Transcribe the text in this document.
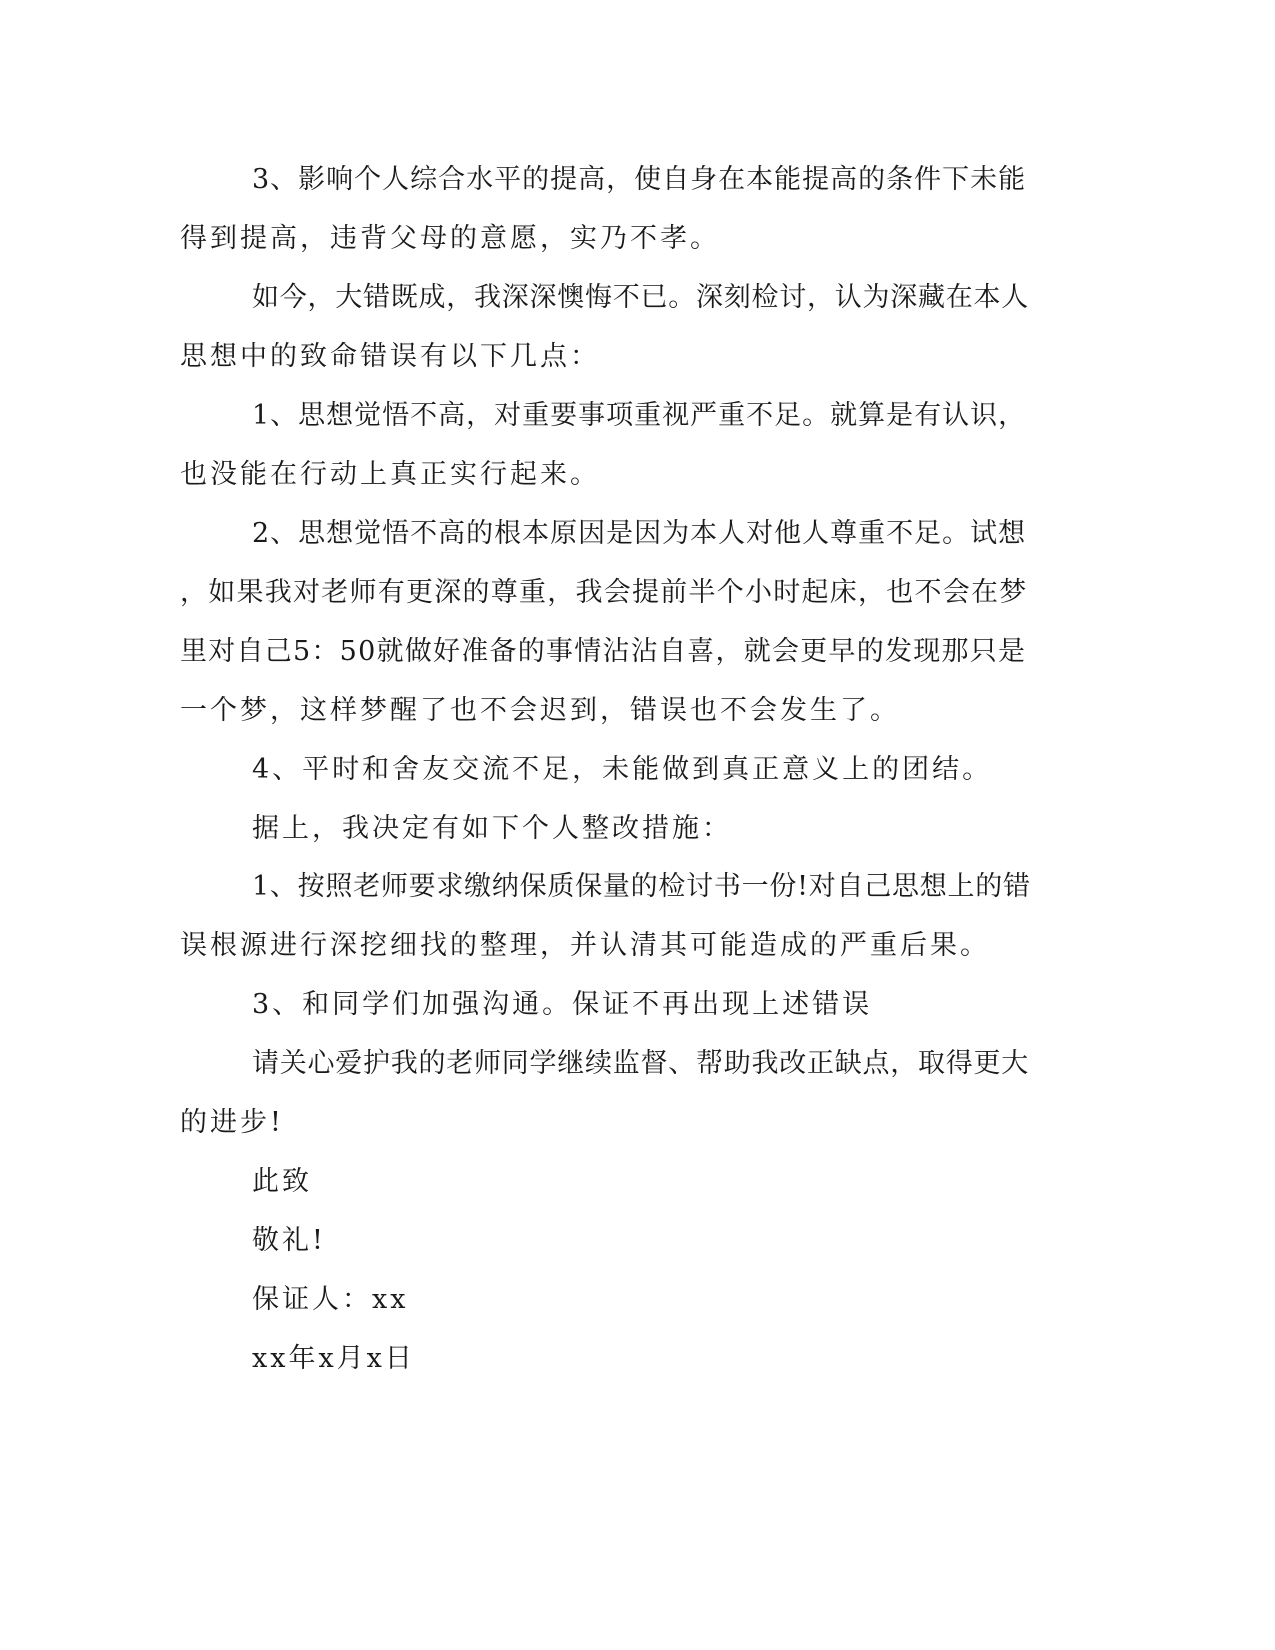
3、影响个人综合水平的提高，使自身在本能提高的条件下未能
得到提高，违背父母的意愿，实乃不孝。
如今，大错既成，我深深懊悔不已。深刻检讨，认为深藏在本人
思想中的致命错误有以下几点：
1、思想觉悟不高，对重要事项重视严重不足。就算是有认识，
也没能在行动上真正实行起来。
2、思想觉悟不高的根本原因是因为本人对他人尊重不足。试想
，如果我对老师有更深的尊重，我会提前半个小时起床，也不会在梦
里对自己5：50就做好准备的事情沾沾自喜，就会更早的发现那只是
一个梦，这样梦醒了也不会迟到，错误也不会发生了。
4、平时和舍友交流不足，未能做到真正意义上的团结。
据上，我决定有如下个人整改措施：
1、按照老师要求缴纳保质保量的检讨书一份!对自己思想上的错
误根源进行深挖细找的整理，并认清其可能造成的严重后果。
3、和同学们加强沟通。保证不再出现上述错误
请关心爱护我的老师同学继续监督、帮助我改正缺点，取得更大
的进步!
此致
敬礼!
保证人：xx
xx年x月x日
